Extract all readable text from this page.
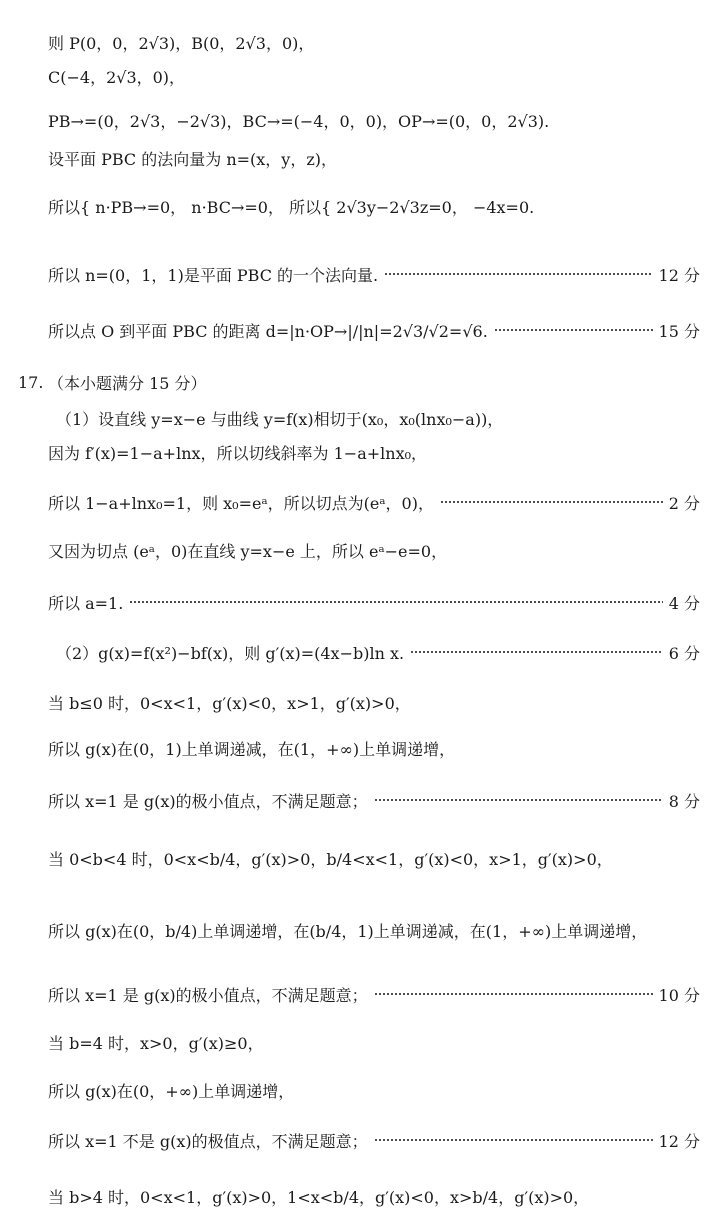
则 P(0，0，2√3)，B(0，2√3，0)，
C(−4，2√3，0)，
PB→=(0，2√3，−2√3)，BC→=(−4，0，0)，OP→=(0，0，2√3).
设平面 PBC 的法向量为 n=(x，y，z)，
所以{ n·PB→=0， n·BC→=0， 所以{ 2√3y−2√3z=0， −4x=0.
所以 n=(0，1，1)是平面 PBC 的一个法向量.	12 分
所以点 O 到平面 PBC 的距离 d=|n·OP→|/|n|=2√3/√2=√6.	15 分
17. （本小题满分 15 分）
（1）设直线 y=x−e 与曲线 y=f(x)相切于(x₀，x₀(lnx₀−a))，
因为 f′(x)=1−a+lnx，所以切线斜率为 1−a+lnx₀，
所以 1−a+lnx₀=1，则 x₀=eᵃ，所以切点为(eᵃ，0)，	2 分
又因为切点 (eᵃ，0)在直线 y=x−e 上，所以 eᵃ−e=0，
所以 a=1.	4 分
（2）g(x)=f(x²)−bf(x)，则 g′(x)=(4x−b)ln x.	6 分
当 b≤0 时，0<x<1，g′(x)<0，x>1，g′(x)>0，
所以 g(x)在(0，1)上单调递减，在(1，+∞)上单调递增，
所以 x=1 是 g(x)的极小值点，不满足题意；	8 分
当 0<b<4 时，0<x<b/4，g′(x)>0，b/4<x<1，g′(x)<0，x>1，g′(x)>0，
所以 g(x)在(0，b/4)上单调递增，在(b/4，1)上单调递减，在(1，+∞)上单调递增，
所以 x=1 是 g(x)的极小值点，不满足题意；	10 分
当 b=4 时，x>0，g′(x)≥0，
所以 g(x)在(0，+∞)上单调递增，
所以 x=1 不是 g(x)的极值点，不满足题意；	12 分
当 b>4 时，0<x<1，g′(x)>0，1<x<b/4，g′(x)<0，x>b/4，g′(x)>0，
